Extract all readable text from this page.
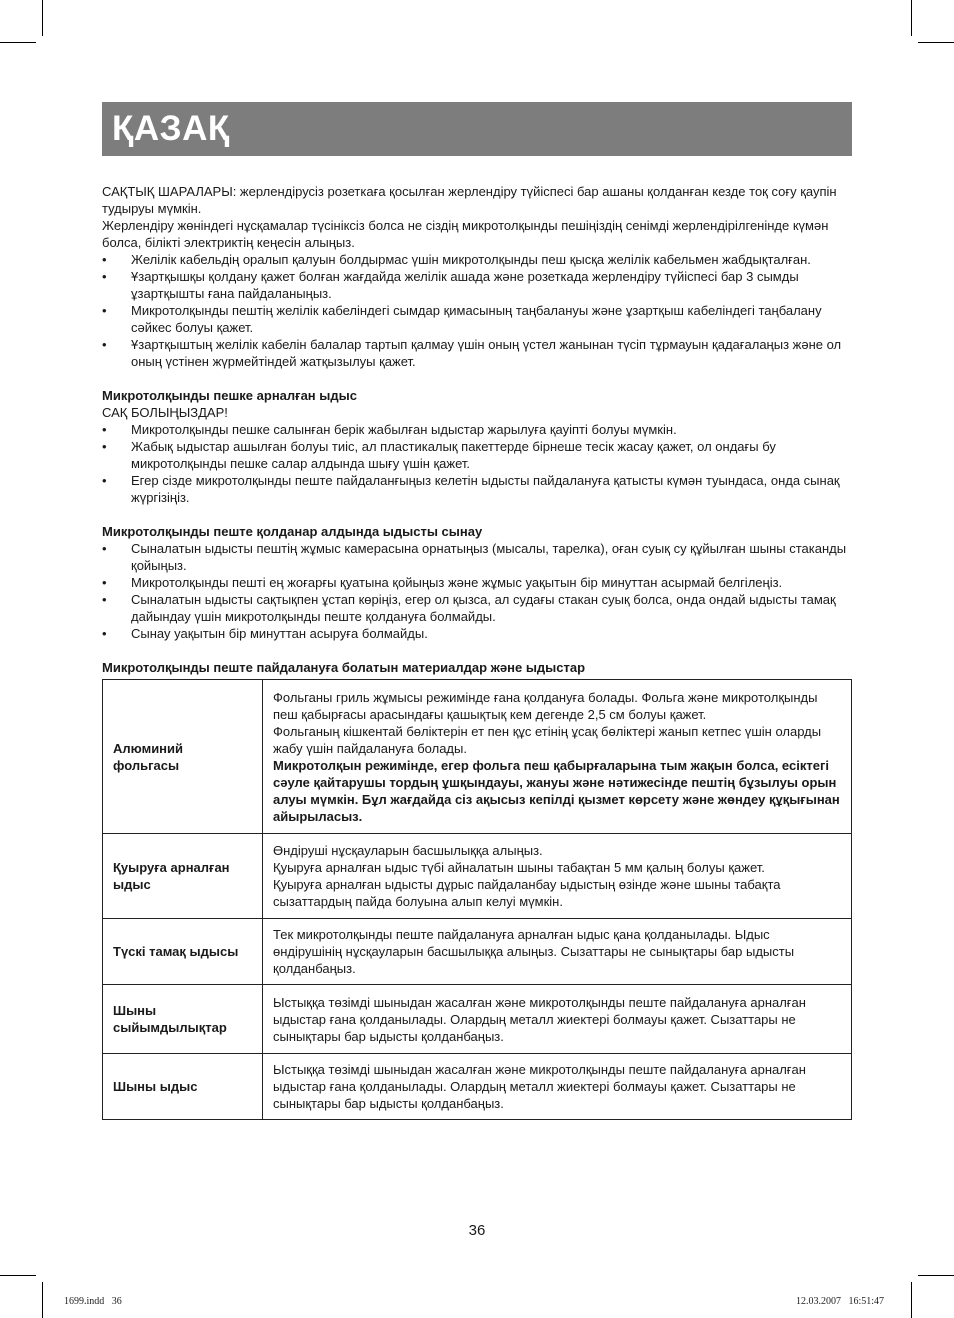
ҚАЗАҚ

САҚТЫҚ ШАРАЛАРЫ: жерлендірусіз розеткаға қосылған жерлендіру түйіспесі бар ашаны қолданған кезде тоқ соғу қаупін тудыруы мүмкін.

Жерлендіру жөніндегі нұсқамалар түсініксіз болса не сіздің микротолқынды пешіңіздің сенімді жерлендірілгенінде күмән болса, білікті электриктің кеңесін алыңыз.

• Желілік кабельдің оралып қалуын болдырмас үшін микротолқынды пеш қысқа желілік кабельмен жабдықталған.
• Ұзартқышқы қолдану қажет болған жағдайда желілік ашада және розеткада жерлендіру түйіспесі бар 3 сымды ұзартқышты ғана пайдаланыңыз.
• Микротолқынды пештің желілік кабеліндегі сымдар қимасының таңбалануы және ұзартқыш кабеліндегі таңбалану сәйкес болуы қажет.
• Ұзартқыштың желілік кабелін балалар тартып қалмау үшін оның үстел жанынан түсіп тұрмауын қадағалаңыз және ол оның үстінен жүрмейтіндей жатқызылуы қажет.
Микротолқынды пешке арналған ыдыс

САҚ БОЛЫҢЫЗДАР!

• Микротолқынды пешке салынған берік жабылған ыдыстар жарылуға қауіпті болуы мүмкін.
• Жабық ыдыстар ашылған болуы тиіс, ал пластикалық пакеттерде бірнеше тесік жасау қажет, ол ондағы бу микротолқынды пешке салар алдында шығу үшін қажет.
• Егер сізде микротолқынды пеште пайдаланғыңыз келетін ыдысты пайдалануға қатысты күмән туындаса, онда сынақ жүргізіңіз.
Микротолқынды пеште қолданар алдында ыдысты сынау
• Сыналатын ыдысты пештің жұмыс камерасына орнатыңыз (мысалы, тарелка), оған суық су құйылған шыны стаканды қойыңыз.
• Микротолқынды пешті ең жоғарғы қуатына қойыңыз және жұмыс уақытын бір минуттан асырмай белгілеңіз.
• Сыналатын ыдысты сақтықпен ұстап көріңіз, егер ол қызса, ал судағы стакан суық болса, онда ондай ыдысты тамақ дайындау үшін микротолқынды пеште қолдануға болмайды.
• Сынау уақытын бір минуттан асыруға болмайды.
Микротолқынды пеште пайдалануға болатын материалдар және ыдыстар
Алюминий фольгасы	Фольганы гриль жұмысы режимінде ғана қолдануға болады. Фольга және микротолқынды пеш қабырғасы арасындағы қашықтық кем дегенде 2,5 см болуы қажет.

Фольганың кішкентай бөліктерін ет пен құс етінің ұсақ бөліктері жанып кетпес үшін оларды жабу үшін пайдалануға болады.

Микротолқын режимінде, егер фольга пеш қабырғаларына тым жақын болса, есіктегі сәуле қайтарушы тордың ұшқындауы, жануы және нәтижесінде пештің бұзылуы орын алуы мүмкін. Бұл жағдайда сіз ақысыз кепілді қызмет көрсету және жөндеу құқығынан айырыласыз.

Қуыруға арналған ыдыс	Өндіруші нұсқауларын басшылыққа алыңыз.

Қуыруға арналған ыдыс түбі айналатын шыны табақтан 5 мм қалың болуы қажет.

Қуыруға арналған ыдысты дұрыс пайдаланбау ыдыстың өзінде және шыны табақта сызаттардың пайда болуына алып келуі мүмкін.

Түскі тамақ ыдысы	Тек микротолқынды пеште пайдалануға арналған ыдыс қана қолданылады. Ыдыс өндірушінің нұсқауларын басшылыққа алыңыз. Сызаттары не сынықтары бар ыдысты қолданбаңыз.

Шыны сыйымдылықтар	Ыстыққа төзімді шыныдан жасалған және микротолқынды пеште пайдалануға арналған ыдыстар ғана қолданылады. Олардың металл жиектері болмауы қажет. Сызаттары не сынықтары бар ыдысты қолданбаңыз.

Шыны ыдыс	Ыстыққа төзімді шыныдан жасалған және микротолқынды пеште пайдалануға арналған ыдыстар ғана қолданылады. Олардың металл жиектері болмауы қажет. Сызаттары не сынықтары бар ыдысты қолданбаңыз.

36
1699.indd   36	12.03.2007   16:51:47
